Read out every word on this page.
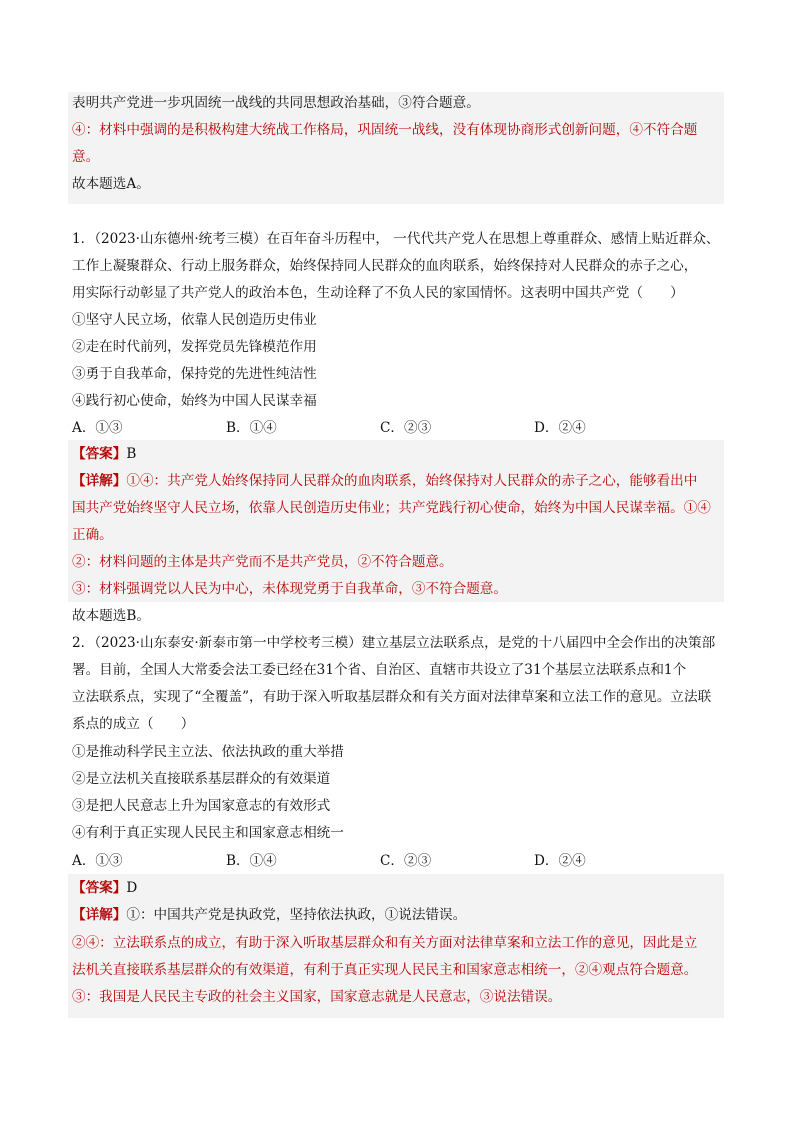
表明共产党进一步巩固统一战线的共同思想政治基础，③符合题意。
④：材料中强调的是积极构建大统战工作格局，巩固统一战线，没有体现协商形式创新问题，④不符合题
意。
故本题选A。
1．（2023·山东德州·统考三模）在百年奋斗历程中， 一代代共产党人在思想上尊重群众、感情上贴近群众、
工作上凝聚群众、行动上服务群众，始终保持同人民群众的血肉联系，始终保持对人民群众的赤子之心，
用实际行动彰显了共产党人的政治本色，生动诠释了不负人民的家国情怀。这表明中国共产党（　　）
①坚守人民立场，依靠人民创造历史伟业
②走在时代前列，发挥党员先锋模范作用
③勇于自我革命，保持党的先进性纯洁性
④践行初心使命，始终为中国人民谋幸福
A．①③	B．①④	C．②③	D．②④
【答案】B
【详解】①④：共产党人始终保持同人民群众的血肉联系，始终保持对人民群众的赤子之心，能够看出中
国共产党始终坚守人民立场，依靠人民创造历史伟业；共产党践行初心使命，始终为中国人民谋幸福。①④
正确。
②：材料问题的主体是共产党而不是共产党员，②不符合题意。
③：材料强调党以人民为中心，未体现党勇于自我革命，③不符合题意。
故本题选B。
2．（2023·山东泰安·新泰市第一中学校考三模）建立基层立法联系点，是党的十八届四中全会作出的决策部
署。目前，全国人大常委会法工委已经在31个省、自治区、直辖市共设立了31个基层立法联系点和1个
立法联系点，实现了“全覆盖”，有助于深入听取基层群众和有关方面对法律草案和立法工作的意见。立法联
系点的成立（　　）
①是推动科学民主立法、依法执政的重大举措
②是立法机关直接联系基层群众的有效渠道
③是把人民意志上升为国家意志的有效形式
④有利于真正实现人民民主和国家意志相统一
A．①③	B．①④	C．②③	D．②④
【答案】D
【详解】①：中国共产党是执政党，坚持依法执政，①说法错误。
②④：立法联系点的成立，有助于深入听取基层群众和有关方面对法律草案和立法工作的意见，因此是立
法机关直接联系基层群众的有效渠道，有利于真正实现人民民主和国家意志相统一，②④观点符合题意。
③：我国是人民民主专政的社会主义国家，国家意志就是人民意志，③说法错误。
